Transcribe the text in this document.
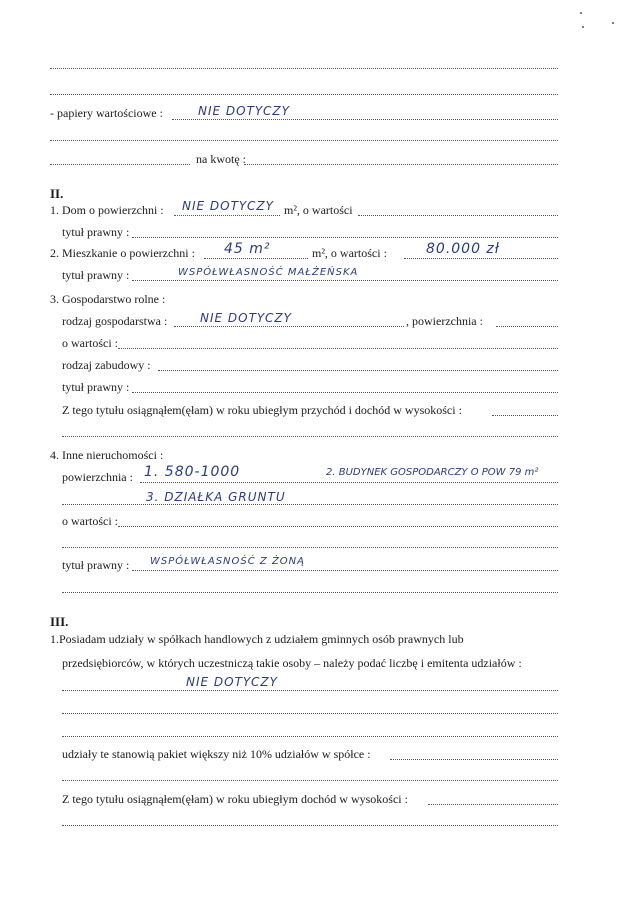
- papiery wartościowe :	NIE DOTYCZY
na kwotę :
II.
1. Dom o powierzchni : NIE DOTYCZY m², o wartości
tytuł prawny :
2. Mieszkanie o powierzchni : 45 m²	m², o wartości :	80.000 zł
tytuł prawny :	WSPÓŁWŁASNOŚĆ MAŁŻEŃSKA
3. Gospodarstwo rolne :
rodzaj gospodarstwa :	NIE DOTYCZY	, powierzchnia :
o wartości :
rodzaj zabudowy :
tytuł prawny :
Z tego tytułu osiągnąłem(ęłam) w roku ubiegłym przychód i dochód w wysokości :
4. Inne nieruchomości :
powierzchnia : 1. 580-1000	2. BUDYNEK GOSPODARCZY O POW 79 m²
3. DZIAŁKA GRUNTU
o wartości :
tytuł prawny : WSPÓŁWŁASNOŚĆ Z ŻONĄ
III.
1.Posiadam udziały w spółkach handlowych z udziałem gminnych osób prawnych lub
przedsiębiorców, w których uczestniczą takie osoby – należy podać liczbę i emitenta udziałów :
NIE DOTYCZY
udziały te stanowią pakiet większy niż 10% udziałów w spółce :
Z tego tytułu osiągnąłem(ęłam) w roku ubiegłym dochód w wysokości :
